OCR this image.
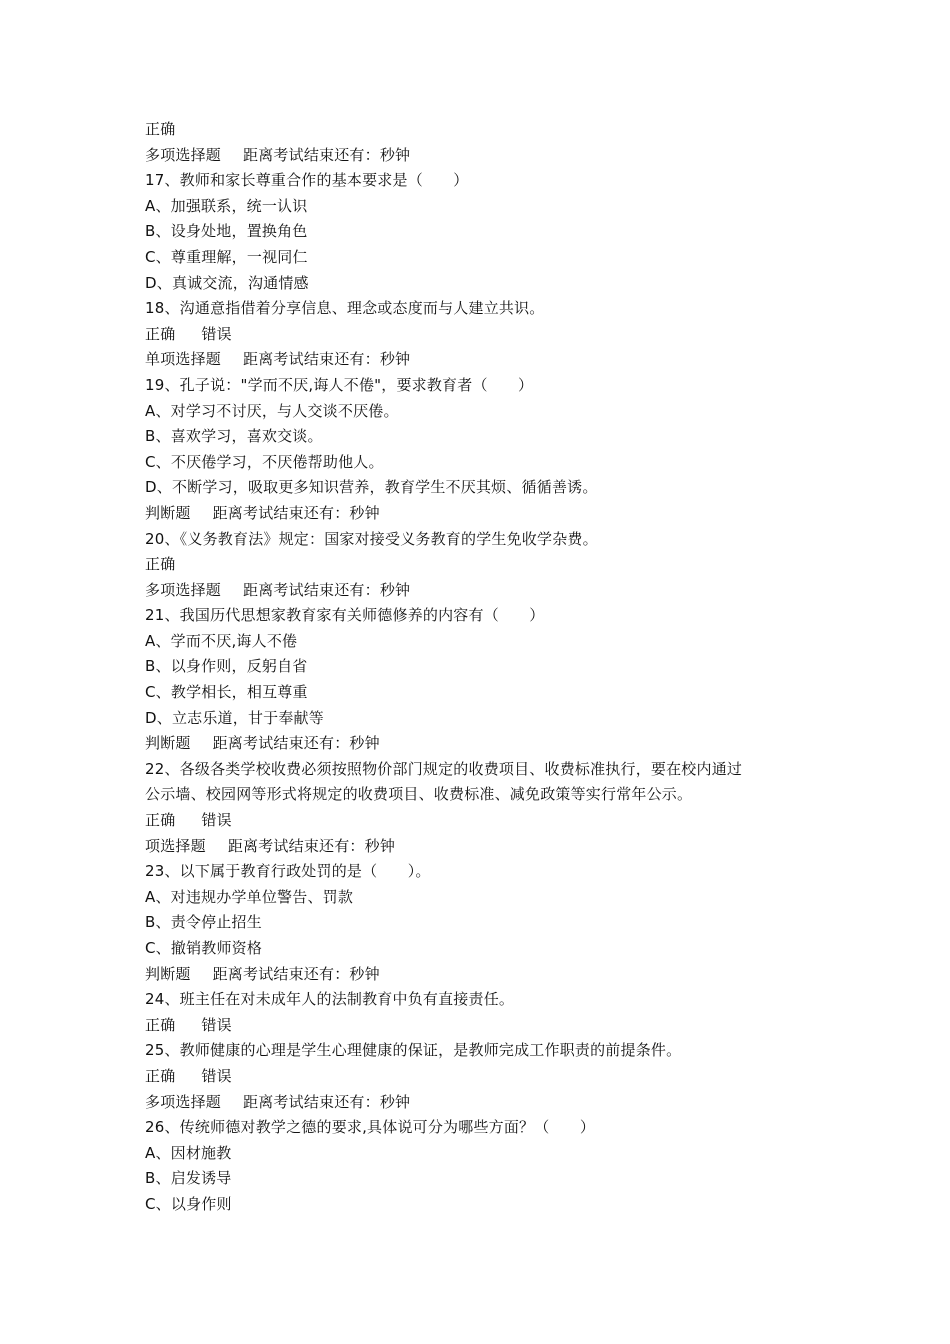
正确
多项选择题 距离考试结束还有：秒钟
17、教师和家长尊重合作的基本要求是（　　）
A、加强联系，统一认识
B、设身处地，置换角色
C、尊重理解，一视同仁
D、真诚交流，沟通情感
18、沟通意指借着分享信息、理念或态度而与人建立共识。
正确 错误
单项选择题 距离考试结束还有：秒钟
19、孔子说："学而不厌,诲人不倦"，要求教育者（　　）
A、对学习不讨厌，与人交谈不厌倦。
B、喜欢学习，喜欢交谈。
C、不厌倦学习，不厌倦帮助他人。
D、不断学习，吸取更多知识营养，教育学生不厌其烦、循循善诱。
判断题 距离考试结束还有：秒钟
20、《义务教育法》规定：国家对接受义务教育的学生免收学杂费。
正确
多项选择题 距离考试结束还有：秒钟
21、我国历代思想家教育家有关师德修养的内容有（　　）
A、学而不厌,诲人不倦
B、以身作则，反躬自省
C、教学相长，相互尊重
D、立志乐道，甘于奉献等
判断题 距离考试结束还有：秒钟
22、各级各类学校收费必须按照物价部门规定的收费项目、收费标准执行，要在校内通过
公示墙、校园网等形式将规定的收费项目、收费标准、减免政策等实行常年公示。
正确 错误
项选择题 距离考试结束还有：秒钟
23、以下属于教育行政处罚的是（　　）。
A、对违规办学单位警告、罚款
B、责令停止招生
C、撤销教师资格
判断题 距离考试结束还有：秒钟
24、班主任在对未成年人的法制教育中负有直接责任。
正确 错误
25、教师健康的心理是学生心理健康的保证，是教师完成工作职责的前提条件。
正确 错误
多项选择题 距离考试结束还有：秒钟
26、传统师德对教学之德的要求,具体说可分为哪些方面？（　　）
A、因材施教
B、启发诱导
C、以身作则
